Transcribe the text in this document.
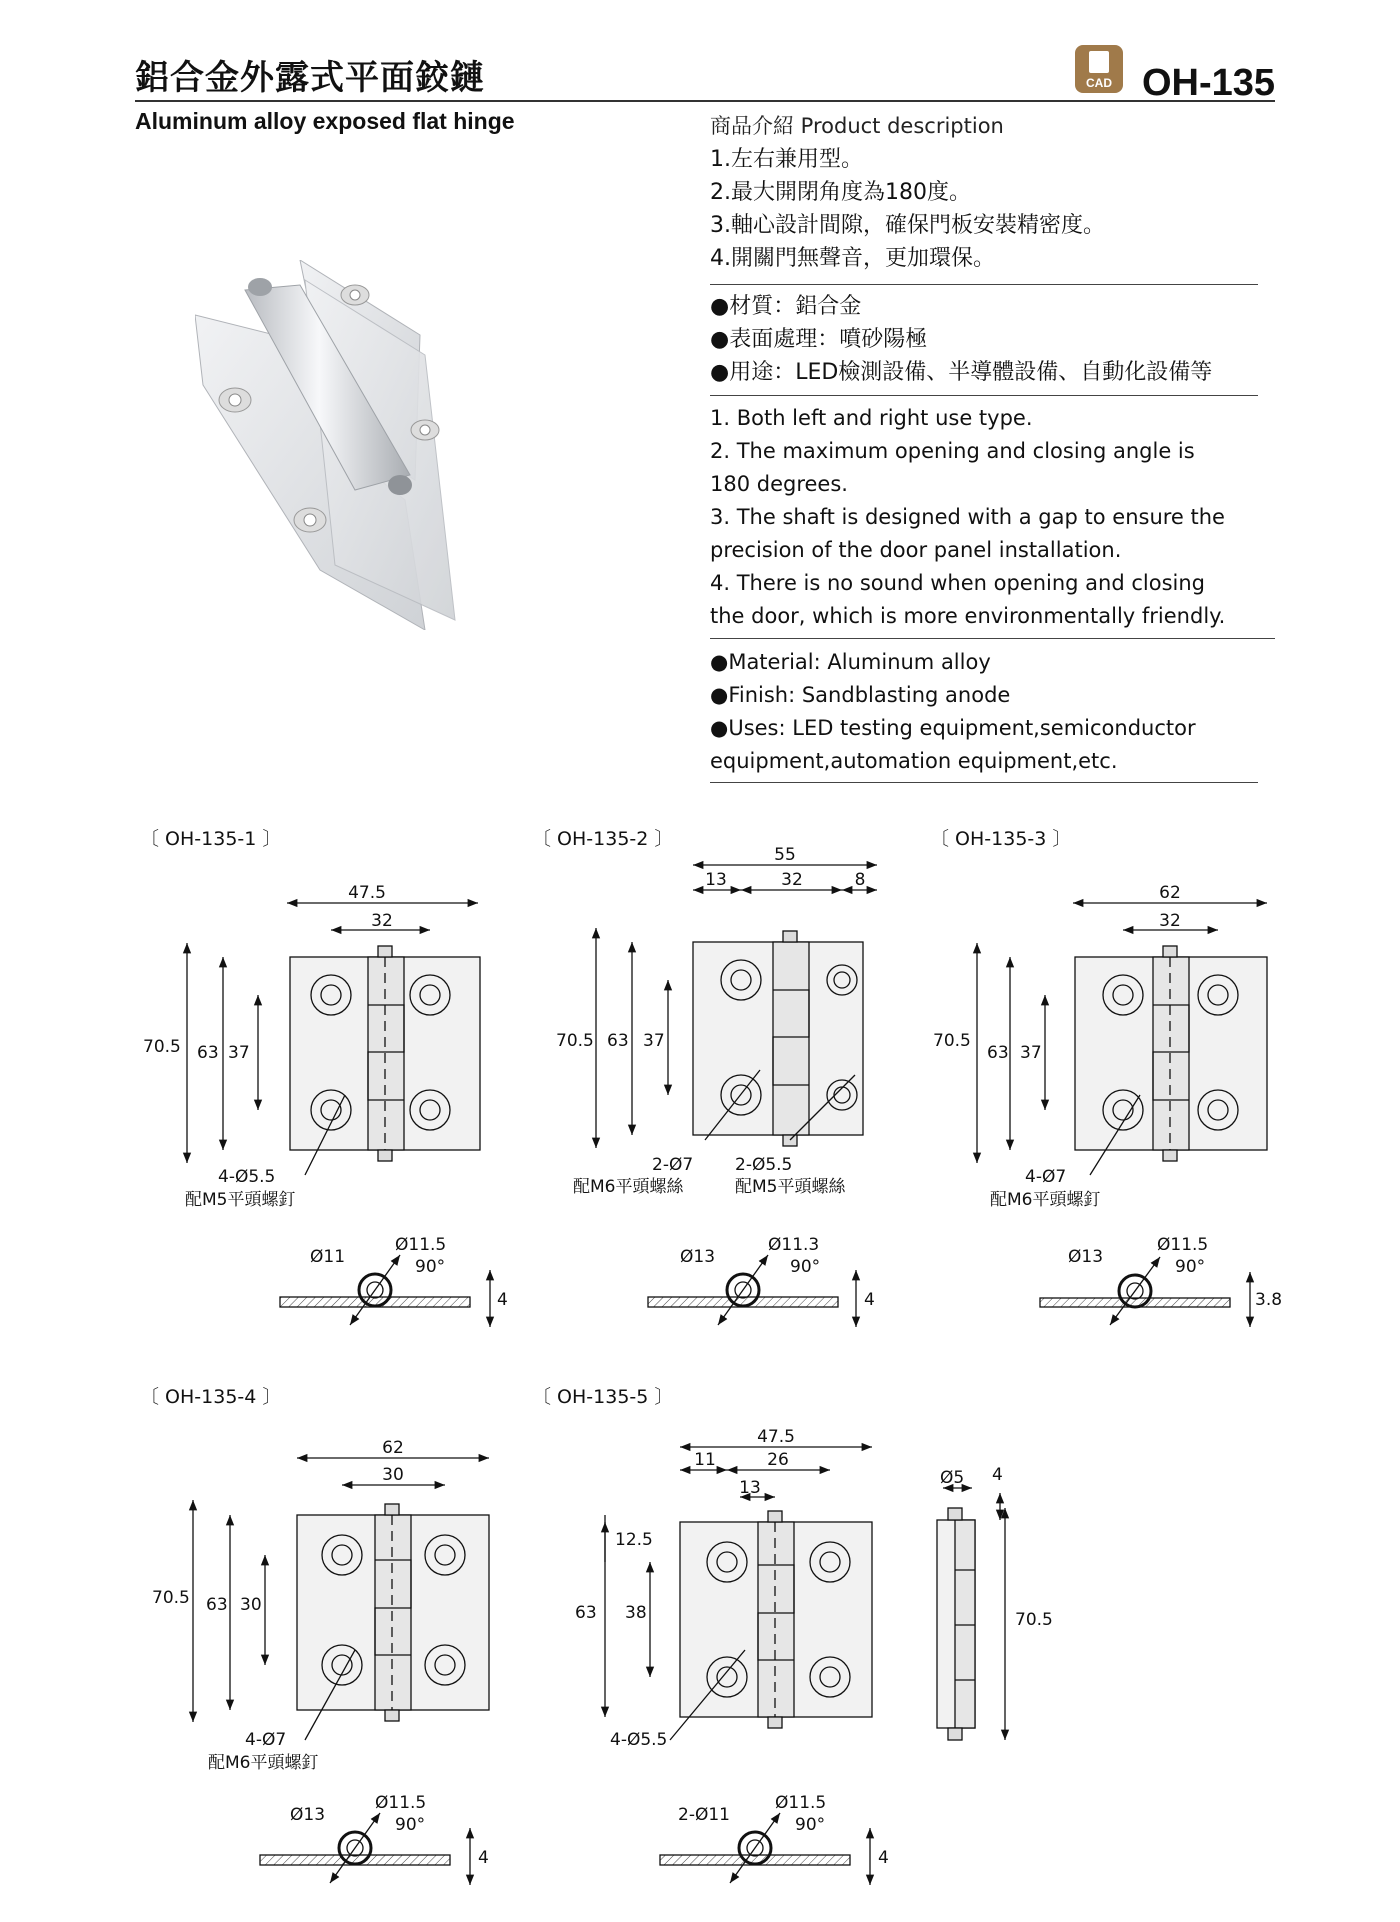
鋁合金外露式平面鉸鏈
Aluminum alloy exposed flat hinge
CAD OH-135
商品介紹 Product description
1.左右兼用型。
2.最大開閉角度為180度。
3.軸心設計間隙，確保門板安裝精密度。
4.開關門無聲音，更加環保。
●材質：鋁合金
●表面處理：噴砂陽極
●用途：LED檢測設備、半導體設備、自動化設備等
1. Both left and right use type.
2. The maximum opening and closing angle is
180 degrees.
3. The shaft is designed with a gap to ensure the
precision of the door panel installation.
4. There is no sound when opening and closing
the door, which is more environmentally friendly.
●Material: Aluminum alloy
●Finish: Sandblasting anode
●Uses: LED testing equipment,semiconductor
equipment,automation equipment,etc.
〔 OH-135-1 〕	〔 OH-135-2 〕	〔 OH-135-3 〕
〔 OH-135-4 〕	〔 OH-135-5 〕
47.5
32
70.5 63 37
4-Ø5.5
配M5平頭螺釘
Ø11
Ø11.5
90°
4
55
13	32	8
70.5 63 37
2-Ø7
配M6平頭螺絲
2-Ø5.5
配M5平頭螺絲
Ø13
Ø11.3
90°
4
62
32
70.5
63 37
4-Ø7
配M6平頭螺釘
Ø13
Ø11.5
90°
3.8
62
30
70.5 63 30
4-Ø7
配M6平頭螺釘
Ø13
Ø11.5
90°
4
47.5
11	26
13
12.5
63 38
4-Ø5.5
2-Ø11
Ø11.5
90°
4
Ø5 4
70.5
